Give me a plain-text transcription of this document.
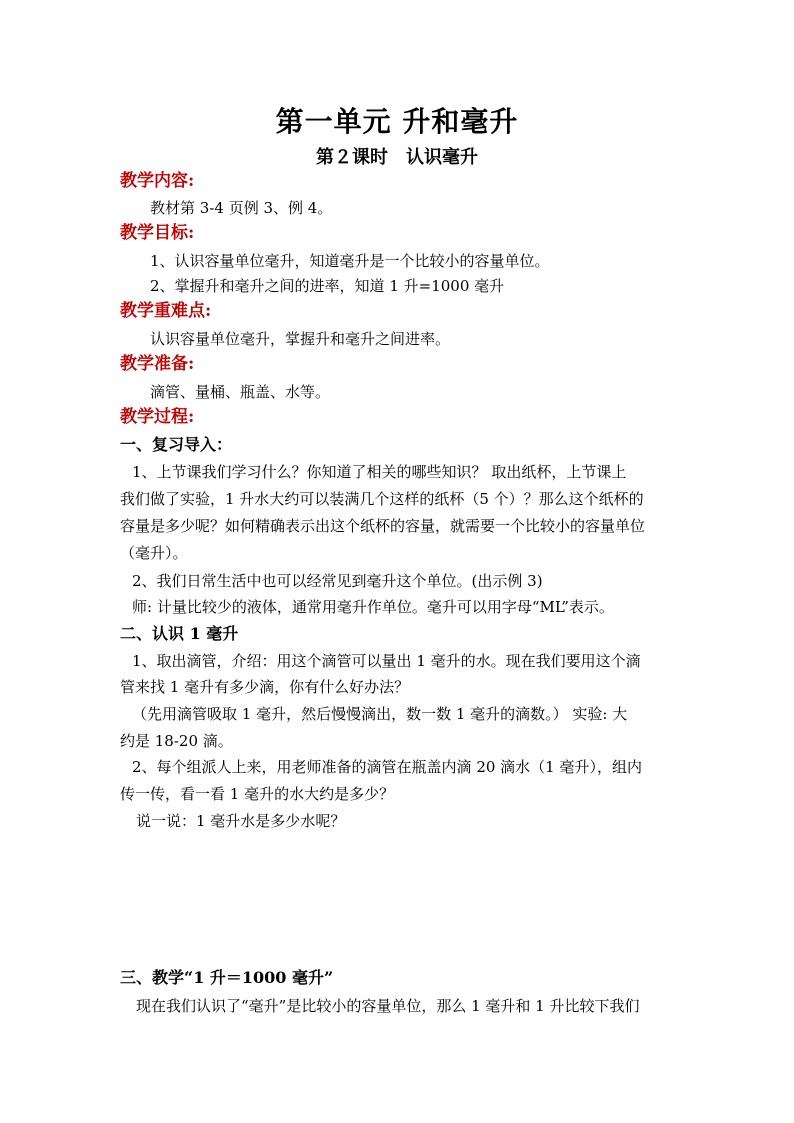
第一单元 升和毫升
第２课时　认识毫升
教学内容:
教材第 3-4 页例 3、例 4。
教学目标:
1、认识容量单位毫升，知道毫升是一个比较小的容量单位。
2、掌握升和毫升之间的进率，知道 1 升=1000 毫升
教学重难点:
认识容量单位毫升，掌握升和毫升之间进率。
教学准备:
滴管、量桶、瓶盖、水等。
教学过程:
一、复习导入：
1、上节课我们学习什么？你知道了相关的哪些知识？ 取出纸杯，上节课上
我们做了实验，1 升水大约可以装满几个这样的纸杯（5 个）？那么这个纸杯的
容量是多少呢？如何精确表示出这个纸杯的容量，就需要一个比较小的容量单位
（毫升）。
2、我们日常生活中也可以经常见到毫升这个单位。(出示例 3)
师: 计量比较少的液体，通常用毫升作单位。毫升可以用字母“ML”表示。
二、认识 1 毫升
1、取出滴管，介绍：用这个滴管可以量出 1 毫升的水。现在我们要用这个滴
管来找 1 毫升有多少滴，你有什么好办法？
（先用滴管吸取 1 毫升，然后慢慢滴出，数一数 1 毫升的滴数。） 实验: 大
约是 18-20 滴。
2、每个组派人上来，用老师准备的滴管在瓶盖内滴 20 滴水（1 毫升），组内
传一传，看一看 1 毫升的水大约是多少？
说一说：1 毫升水是多少水呢？
三、教学“1 升＝1000 毫升”
现在我们认识了“毫升”是比较小的容量单位，那么 1 毫升和 1 升比较下我们
